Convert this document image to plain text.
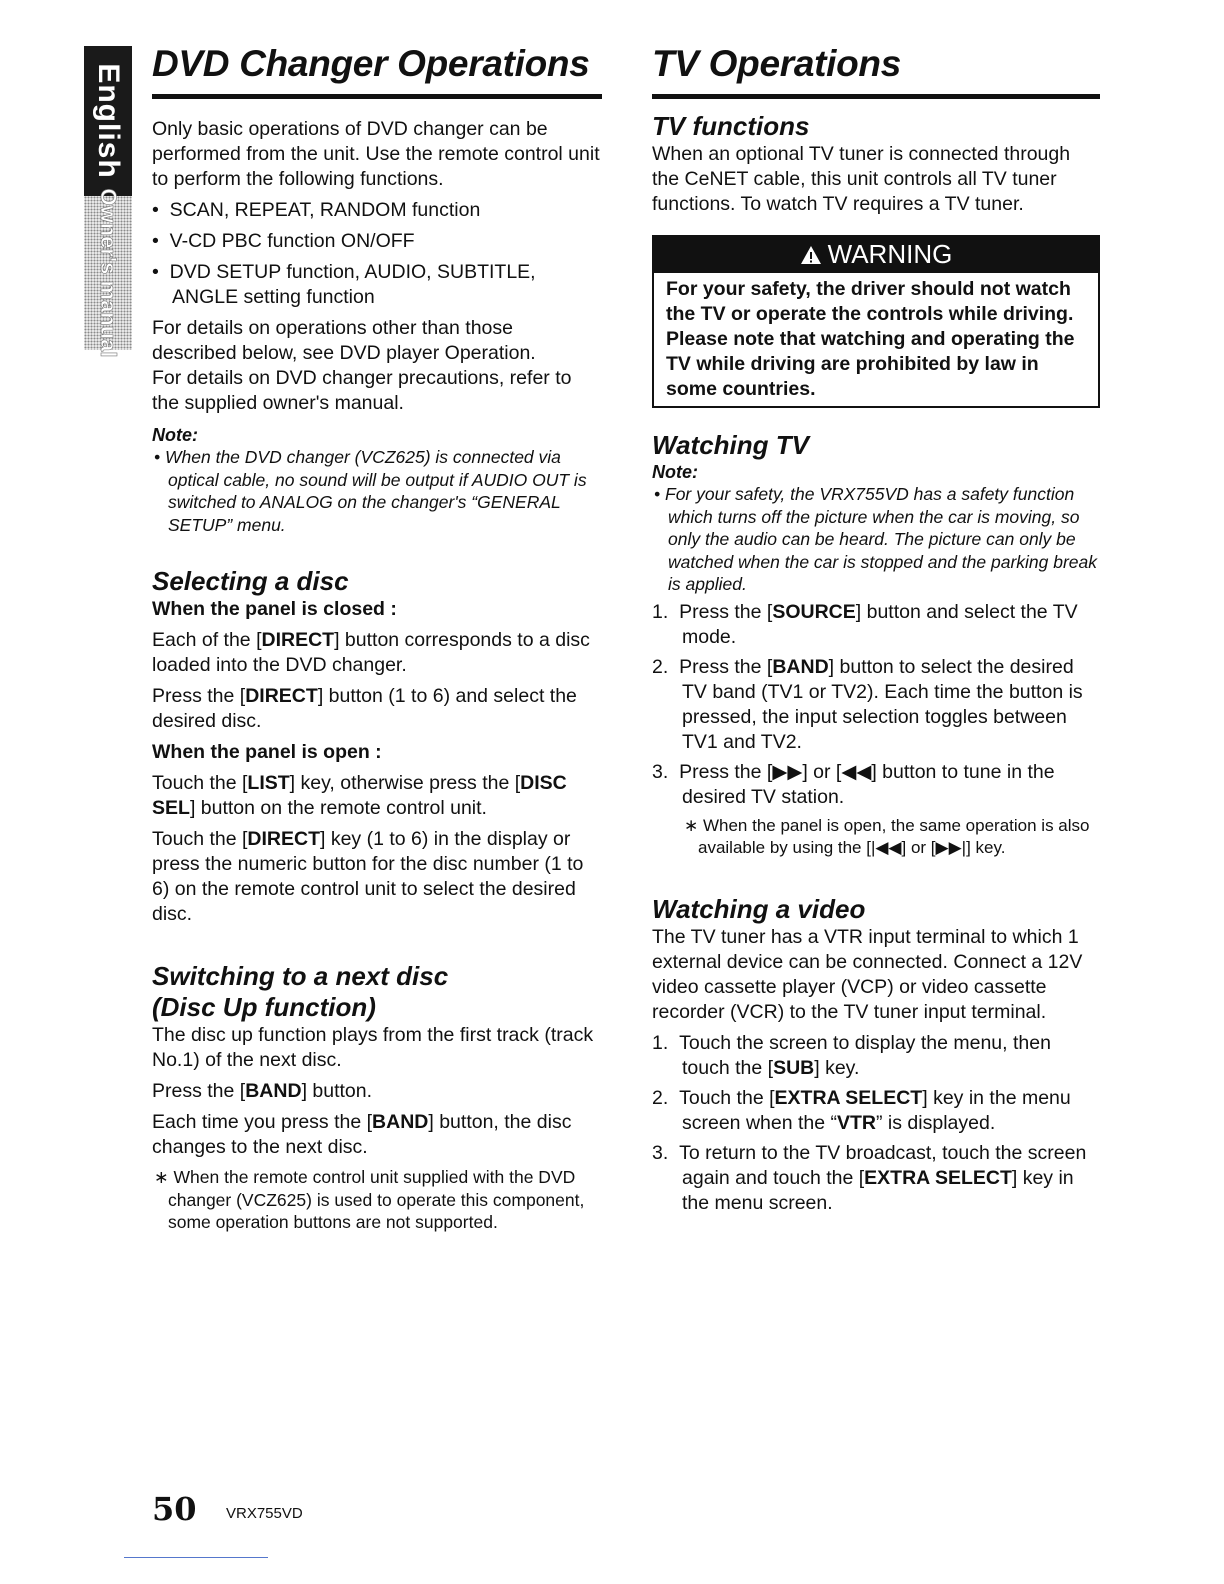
English
Owner's manual
DVD Changer Operations

Only basic operations of DVD changer can be performed from the unit. Use the remote control unit to perform the following functions.

•  SCAN, REPEAT, RANDOM function
•  V-CD PBC function ON/OFF
•  DVD SETUP function, AUDIO, SUBTITLE, ANGLE setting function

For details on operations other than those described below, see DVD player Operation.

For details on DVD changer precautions, refer to the supplied owner's manual.

Note:
• When the DVD changer (VCZ625) is connected via optical cable, no sound will be output if AUDIO OUT is switched to ANALOG on the changer's “GENERAL SETUP” menu.
Selecting a disc
When the panel is closed :

Each of the [DIRECT] button corresponds to a disc loaded into the DVD changer.

Press the [DIRECT] button (1 to 6) and select the desired disc.

When the panel is open :

Touch the [LIST] key, otherwise press the [DISC SEL] button on the remote control unit.

Touch the [DIRECT] key (1 to 6) in the display or press the numeric button for the disc number (1 to 6) on the remote control unit to select the desired disc.

Switching to a next disc
(Disc Up function)

The disc up function plays from the first track (track No.1) of the next disc.

Press the [BAND] button.

Each time you press the [BAND] button, the disc changes to the next disc.

∗ When the remote control unit supplied with the DVD changer (VCZ625) is used to operate this component, some operation buttons are not supported.
TV Operations
TV functions

When an optional TV tuner is connected through the CeNET cable, this unit controls all TV tuner functions. To watch TV requires a TV tuner.

WARNING
For your safety, the driver should not watch the TV or operate the controls while driving. Please note that watching and operating the TV while driving are prohibited by law in some countries.
Watching TV
Note:
• For your safety, the VRX755VD has a safety function which turns off the picture when the car is moving, so only the audio can be heard. The picture can only be watched when the car is stopped and the parking break is applied.
1. Press the [SOURCE] button and select the TV mode.
2. Press the [BAND] button to select the desired TV band (TV1 or TV2). Each time the button is pressed, the input selection toggles between TV1 and TV2.
3. Press the [▶▶] or [◀◀] button to tune in the desired TV station.
∗ When the panel is open, the same operation is also available by using the [|◀◀] or [▶▶|] key.
Watching a video

The TV tuner has a VTR input terminal to which 1 external device can be connected. Connect a 12V video cassette player (VCP) or video cassette recorder (VCR) to the TV tuner input terminal.

1. Touch the screen to display the menu, then touch the [SUB] key.
2. Touch the [EXTRA SELECT] key in the menu screen when the “VTR” is displayed.
3. To return to the TV broadcast, touch the screen again and touch the [EXTRA SELECT] key in the menu screen.
50 VRX755VD
